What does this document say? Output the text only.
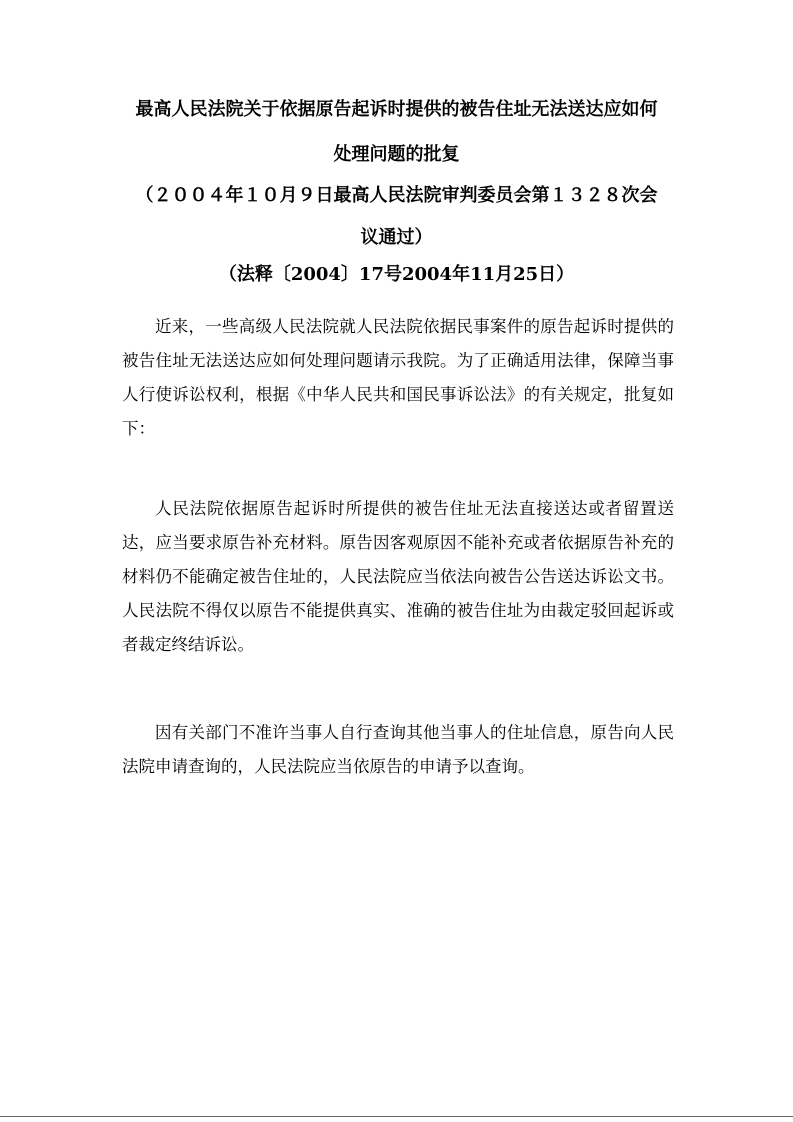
最高人民法院关于依据原告起诉时提供的被告住址无法送达应如何
处理问题的批复
（２００４年１０月９日最高人民法院审判委员会第１３２８次会
议通过）
（法释〔2004〕17号2004年11月25日）

近来，一些高级人民法院就人民法院依据民事案件的原告起诉时提供的被告住址无法送达应如何处理问题请示我院。为了正确适用法律，保障当事人行使诉讼权利，根据《中华人民共和国民事诉讼法》的有关规定，批复如下：

人民法院依据原告起诉时所提供的被告住址无法直接送达或者留置送达，应当要求原告补充材料。原告因客观原因不能补充或者依据原告补充的材料仍不能确定被告住址的，人民法院应当依法向被告公告送达诉讼文书。人民法院不得仅以原告不能提供真实、准确的被告住址为由裁定驳回起诉或者裁定终结诉讼。

因有关部门不准许当事人自行查询其他当事人的住址信息，原告向人民法院申请查询的，人民法院应当依原告的申请予以查询。
